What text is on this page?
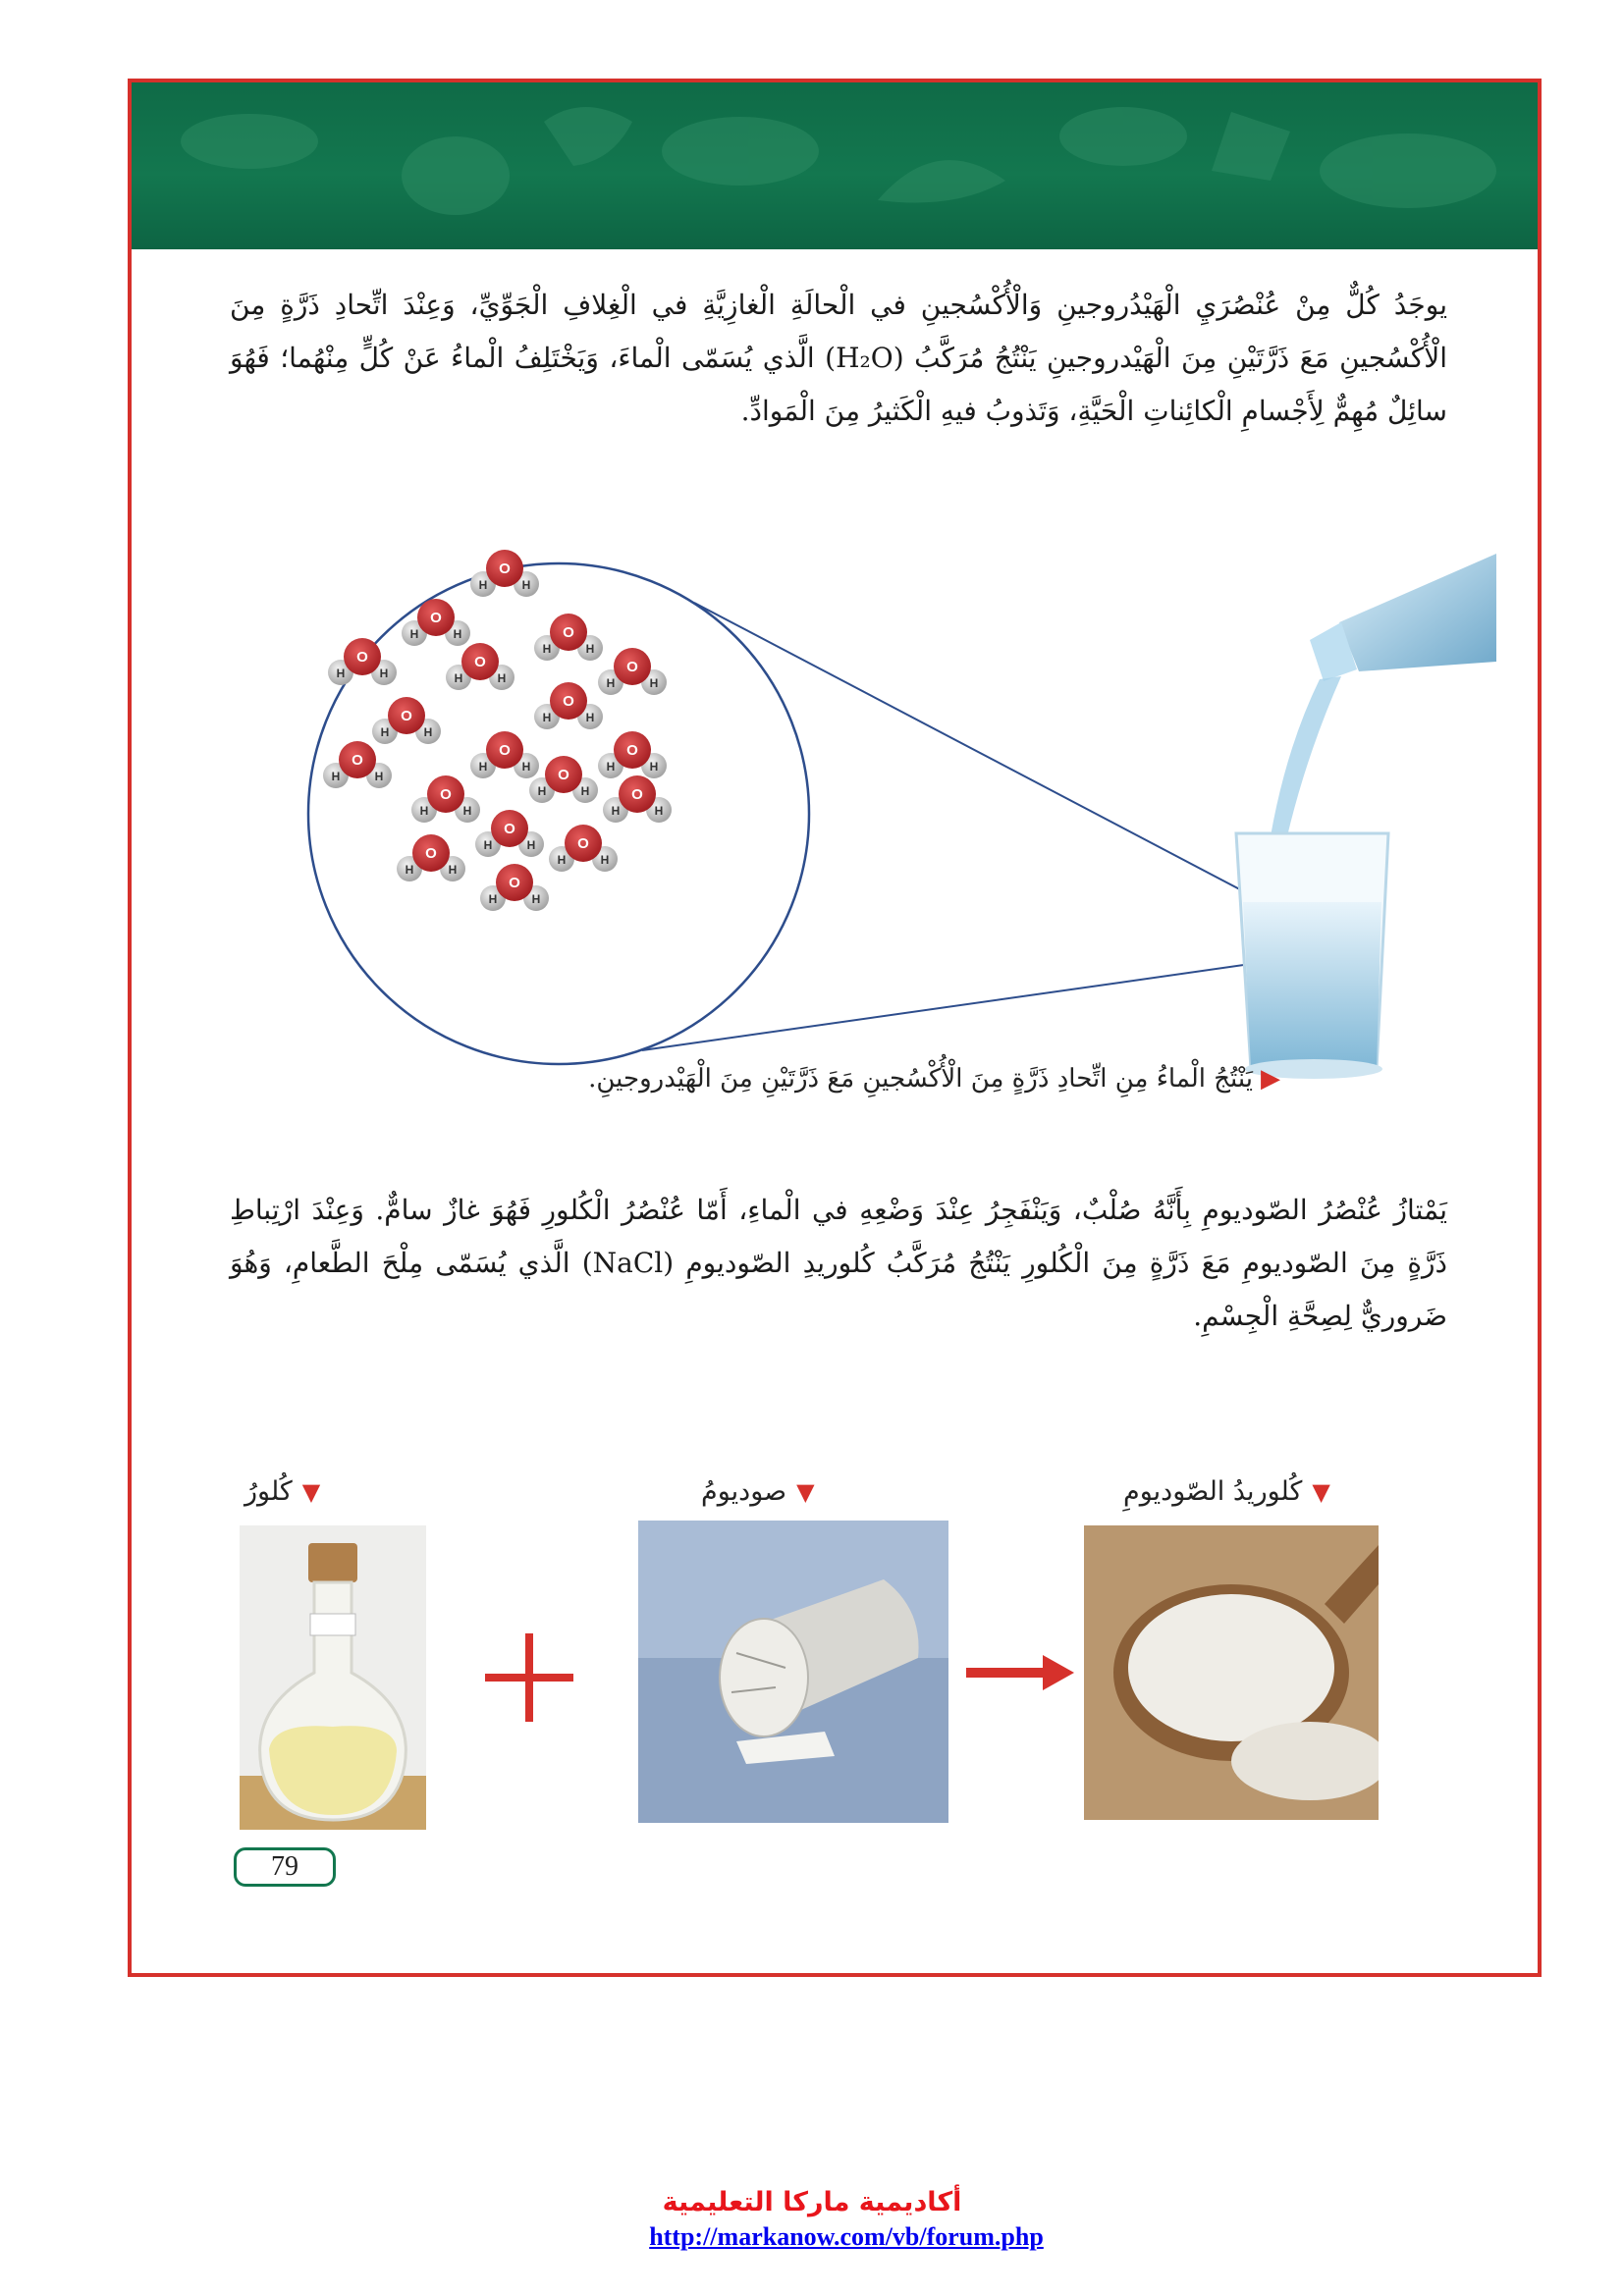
يوجَدُ كُلٌّ مِنْ عُنْصُرَيِ الْهَيْدُروجينِ وَالْأُكْسُجينِ في الْحالَةِ الْغازِيَّةِ في الْغِلافِ الْجَوِّيِّ، وَعِنْدَ اتِّحادِ ذَرَّةٍ مِنَ الْأُكْسُجينِ مَعَ ذَرَّتَيْنِ مِنَ الْهَيْدروجينِ يَنْتُجُ مُرَكَّبُ (H₂O) الَّذي يُسَمّى الْماءَ، وَيَخْتَلِفُ الْماءُ عَنْ كُلٍّ مِنْهُما؛ فَهُوَ سائِلٌ مُهِمٌّ لِأَجْسامِ الْكائِناتِ الْحَيَّةِ، وَتَذوبُ فيهِ الْكَثيرُ مِنَ الْمَوادِّ.

H	H
O
H	H
O
H	H
O
H	H
O
H	H
O
H	H
O
H	H
O	H	H
O
H	H
O
H	H
O
H	H
O
H	H
O
H	H
O
H	H
O
H	H
O
H	H
O
H	H
O
H	H
O
▶يَنْتُجُ الْماءُ مِنِ اتِّحادِ ذَرَّةٍ مِنَ الْأُكْسُجينِ مَعَ ذَرَّتَيْنِ مِنَ الْهَيْدروجينِ.

يَمْتازُ عُنْصُرُ الصّوديومِ بِأَنَّهُ صُلْبٌ، وَيَنْفَجِرُ عِنْدَ وَضْعِهِ في الْماءِ، أَمّا عُنْصُرُ الْكُلورِ فَهُوَ غازٌ سامٌّ. وَعِنْدَ ارْتِباطِ ذَرَّةٍ مِنَ الصّوديومِ مَعَ ذَرَّةٍ مِنَ الْكُلورِ يَنْتُجُ مُرَكَّبُ كُلوريدِ الصّوديومِ (NaCl) الَّذي يُسَمّى مِلْحَ الطَّعامِ، وَهُوَ ضَروريٌّ لِصِحَّةِ الْجِسْمِ.

▼كُلوريدُ الصّوديومِ
▼صوديومُ
▼كُلورُ
79
أكاديمية ماركا التعليمية
http://markanow.com/vb/forum.php
